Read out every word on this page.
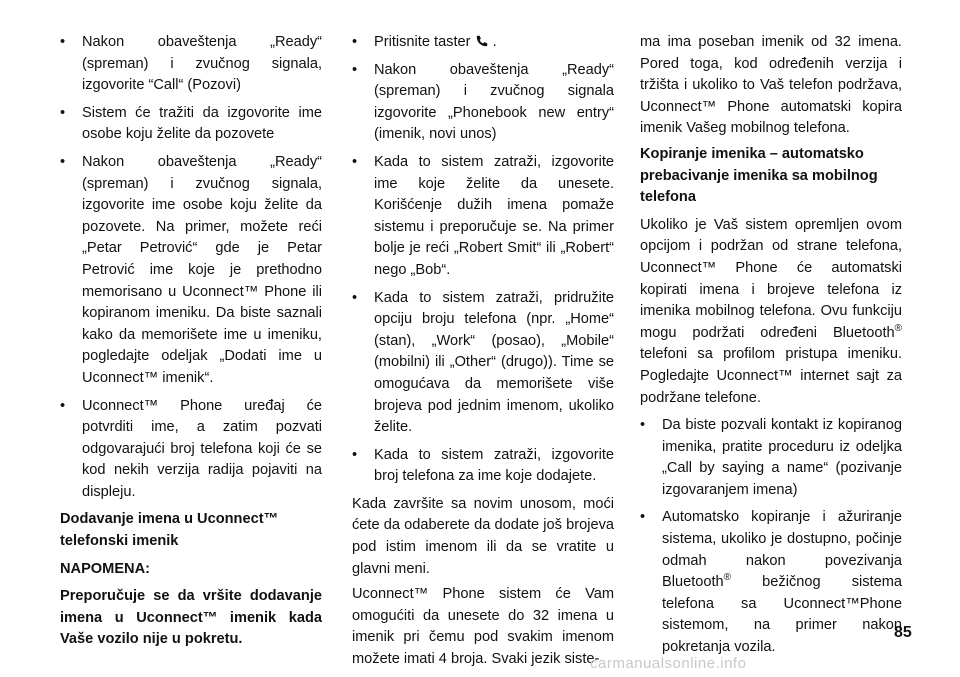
• Nakon obaveštenja „Ready“ (spreman) i zvučnog signala, izgovorite “Call“ (Pozovi)
• Sistem će tražiti da izgovorite ime osobe koju želite da pozovete
• Nakon obaveštenja „Ready“ (spreman) i zvučnog signala, izgovorite ime osobe koju želite da pozovete. Na primer, možete reći „Petar Petrović“ gde je Petar Petrović ime koje je prethodno memorisano u Uconnect™ Phone ili kopiranom imeniku. Da biste saznali kako da memorišete ime u imeniku, pogledajte odeljak „Dodati ime u Uconnect™ imenik“.
• Uconnect™ Phone uređaj će potvrditi ime, a zatim pozvati odgovarajući broj telefona koji će se kod nekih verzija radija pojaviti na displeju.
Dodavanje imena u Uconnect™ telefonski imenik
NAPOMENA:
Preporučuje se da vršite dodavanje imena u Uconnect™ imenik kada Vaše vozilo nije u pokretu.
• Pritisnite taster .
• Nakon obaveštenja „Ready“ (spreman) i zvučnog signala izgovorite „Phonebook new entry“ (imenik, novi unos)
• Kada to sistem zatraži, izgovorite ime koje želite da unesete. Korišćenje dužih imena pomaže sistemu i preporučuje se. Na primer bolje je reći „Robert Smit“ ili „Robert“ nego „Bob“.
• Kada to sistem zatraži, pridružite opciju broju telefona (npr. „Home“ (stan), „Work“ (posao), „Mobile“ (mobilni) ili „Other“ (drugo)). Time se omogućava da memorišete više brojeva pod jednim imenom, ukoliko želite.
• Kada to sistem zatraži, izgovorite broj telefona za ime koje dodajete.

Kada završite sa novim unosom, moći ćete da odaberete da dodate još brojeva pod istim imenom ili da se vratite u glavni meni.

Uconnect™ Phone sistem će Vam omogućiti da unesete do 32 imena u imenik pri čemu pod svakim imenom možete imati 4 broja. Svaki jezik siste-

ma ima poseban imenik od 32 imena. Pored toga, kod određenih verzija i tržišta i ukoliko to Vaš telefon podržava, Uconnect™ Phone automatski kopira imenik Vašeg mobilnog telefona.

Kopiranje imenika – automatsko prebacivanje imenika sa mobilnog telefona

Ukoliko je Vaš sistem opremljen ovom opcijom i podržan od strane telefona, Uconnect™ Phone će automatski kopirati imena i brojeve telefona iz imenika mobilnog telefona. Ovu funkciju mogu podržati određeni Bluetooth® telefoni sa profilom pristupa imeniku. Pogledajte Uconnect™ internet sajt za podržane telefone.

• Da biste pozvali kontakt iz kopiranog imenika, pratite proceduru iz odeljka „Call by saying a name“ (pozivanje izgovaranjem imena)
• Automatsko kopiranje i ažuriranje sistema, ukoliko je dostupno, počinje odmah nakon povezivanja Bluetooth® bežičnog sistema telefona sa Uconnect™Phone sistemom, na primer nakon pokretanja vozila.
85
carmanualsonline.info
